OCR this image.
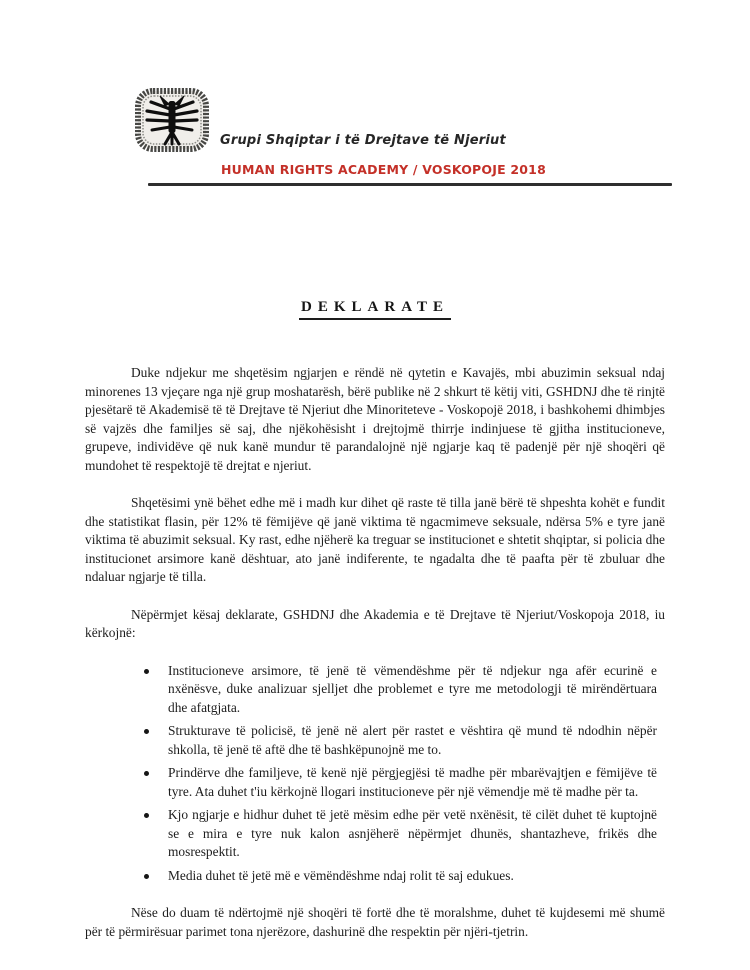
Grupi Shqiptar i të Drejtave të Njeriut
HUMAN RIGHTS ACADEMY / VOSKOPOJE 2018
DEKLARATE

Duke ndjekur me shqetësim ngjarjen e rëndë në qytetin e Kavajës, mbi abuzimin seksual ndaj minorenes 13 vjeçare nga një grup moshatarësh, bërë publike në 2 shkurt të këtij viti, GSHDNJ dhe të rinjtë pjesëtarë të Akademisë të të Drejtave të Njeriut dhe Minoriteteve - Voskopojë 2018, i bashkohemi dhimbjes së vajzës dhe familjes së saj, dhe njëkohësisht i drejtojmë thirrje indinjuese të gjitha institucioneve, grupeve, individëve që nuk kanë mundur të parandalojnë një ngjarje kaq të padenjë për një shoqëri që mundohet të respektojë të drejtat e njeriut.

Shqetësimi ynë bëhet edhe më i madh kur dihet që raste të tilla janë bërë të shpeshta kohët e fundit dhe statistikat flasin, për 12% të fëmijëve që janë viktima të ngacmimeve seksuale, ndërsa 5% e tyre janë viktima të abuzimit seksual. Ky rast, edhe njëherë ka treguar se institucionet e shtetit shqiptar, si policia dhe institucionet arsimore kanë dështuar, ato janë indiferente, te ngadalta dhe të paafta për të zbuluar dhe ndaluar ngjarje të tilla.

Nëpërmjet kësaj deklarate, GSHDNJ dhe Akademia e të Drejtave të Njeriut/Voskopoja 2018, iu kërkojnë:

Institucioneve arsimore, të jenë të vëmendëshme për të ndjekur nga afër ecurinë e nxënësve, duke analizuar sjelljet dhe problemet e tyre me metodologji të mirëndërtuara dhe afatgjata.
Strukturave të policisë, të jenë në alert për rastet e vështira që mund të ndodhin nëpër shkolla, të jenë të aftë dhe të bashkëpunojnë me to.
Prindërve dhe familjeve, të kenë një përgjegjësi të madhe për mbarëvajtjen e fëmijëve të tyre. Ata duhet t'iu kërkojnë llogari institucioneve për një vëmendje më të madhe për ta.
Kjo ngjarje e hidhur duhet të jetë mësim edhe për vetë nxënësit, të cilët duhet të kuptojnë se e mira e tyre nuk kalon asnjëherë nëpërmjet dhunës, shantazheve, frikës dhe mosrespektit.
Media duhet të jetë më e vëmëndëshme ndaj rolit të saj edukues.

Nëse do duam të ndërtojmë një shoqëri të fortë dhe të moralshme, duhet të kujdesemi më shumë për të përmirësuar parimet tona njerëzore, dashurinë dhe respektin për njëri-tjetrin.
